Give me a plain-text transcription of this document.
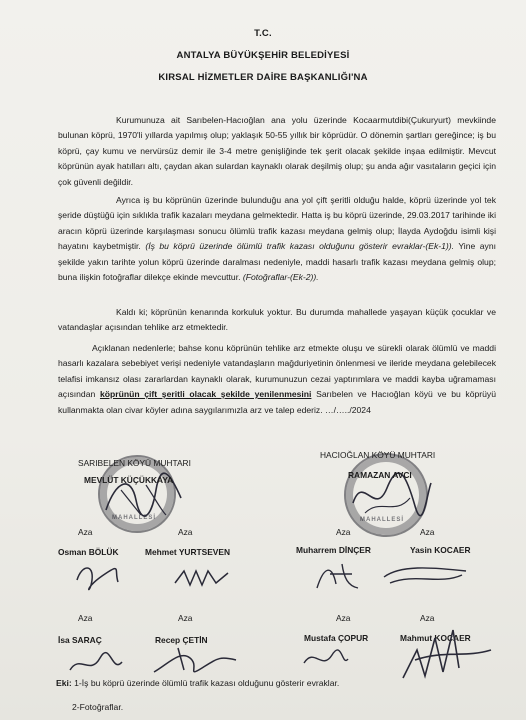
T.C.
ANTALYA BÜYÜKŞEHİR BELEDİYESİ
KIRSAL HİZMETLER DAİRE BAŞKANLIĞI'NA

Kurumunuza ait Sarıbelen-Hacıoğlan ana yolu üzerinde Kocaarmutdibi(Çukuryurt) mevkiinde bulunan köprü, 1970'li yıllarda yapılmış olup; yaklaşık 50-55 yıllık bir köprüdür. O dönemin şartları gereğince; iş bu köprü, çay kumu ve nervürsüz demir ile 3-4 metre genişliğinde tek şerit olacak şekilde inşaa edilmiştir. Mevcut köprünün ayak hatılları altı, çaydan akan sulardan kaynaklı olarak deşilmiş olup; şu anda ağır vasıtaların geçici için çok güvenli değildir.

Ayrıca iş bu köprünün üzerinde bulunduğu ana yol çift şeritli olduğu halde, köprü üzerinde yol tek şeride düştüğü için sıklıkla trafik kazaları meydana gelmektedir. Hatta iş bu köprü üzerinde, 29.03.2017 tarihinde iki aracın köprü üzerinde karşılaşması sonucu ölümlü trafik kazası meydana gelmiş olup; İlayda Aydoğdu isimli kişi hayatını kaybetmiştir. (İş bu köprü üzerinde ölümlü trafik kazası olduğunu gösterir evraklar-(Ek-1)). Yine aynı şekilde yakın tarihte yolun köprü üzerinde daralması nedeniyle, maddi hasarlı trafik kazası meydana gelmiş olup; buna ilişkin fotoğraflar dilekçe ekinde mevcuttur. (Fotoğraflar-(Ek-2)).

Kaldı ki; köprünün kenarında korkuluk yoktur. Bu durumda mahallede yaşayan küçük çocuklar ve vatandaşlar açısından tehlike arz etmektedir.

Açıklanan nedenlerle; bahse konu köprünün tehlike arz etmekte oluşu ve sürekli olarak ölümlü ve maddi hasarlı kazalara sebebiyet verişi nedeniyle vatandaşların mağduriyetinin önlenmesi ve ileride meydana gelebilecek telafisi imkansız olası zararlardan kaynaklı olarak, kurumunuzun cezai yaptırımlara ve maddi kayba uğramaması açısından köprünün çift şeritli olacak şekilde yenilenmesini Sarıbelen ve Hacıoğlan köyü ve bu köprüyü kullanmakta olan civar köyler adına saygılarımızla arz ve talep ederiz. …/…../2024

MAHALLESİ	MAHALLESİ
SARIBELEN KÖYÜ MUHTARI
MEVLÜT KÜÇÜKKAYA
HACIOĞLAN KÖYÜ MUHTARI
RAMAZAN AVCI
Aza	Aza	Aza	Aza
Osman BÖLÜK	Mehmet YURTSEVEN	Muharrem DİNÇER	Yasin KOCAER
Aza	Aza	Aza	Aza
İsa SARAÇ	Recep ÇETİN	Mustafa ÇOPUR	Mahmut KOCAER
Eki: 1-İş bu köprü üzerinde ölümlü trafik kazası olduğunu gösterir evraklar.
2-Fotoğraflar.
